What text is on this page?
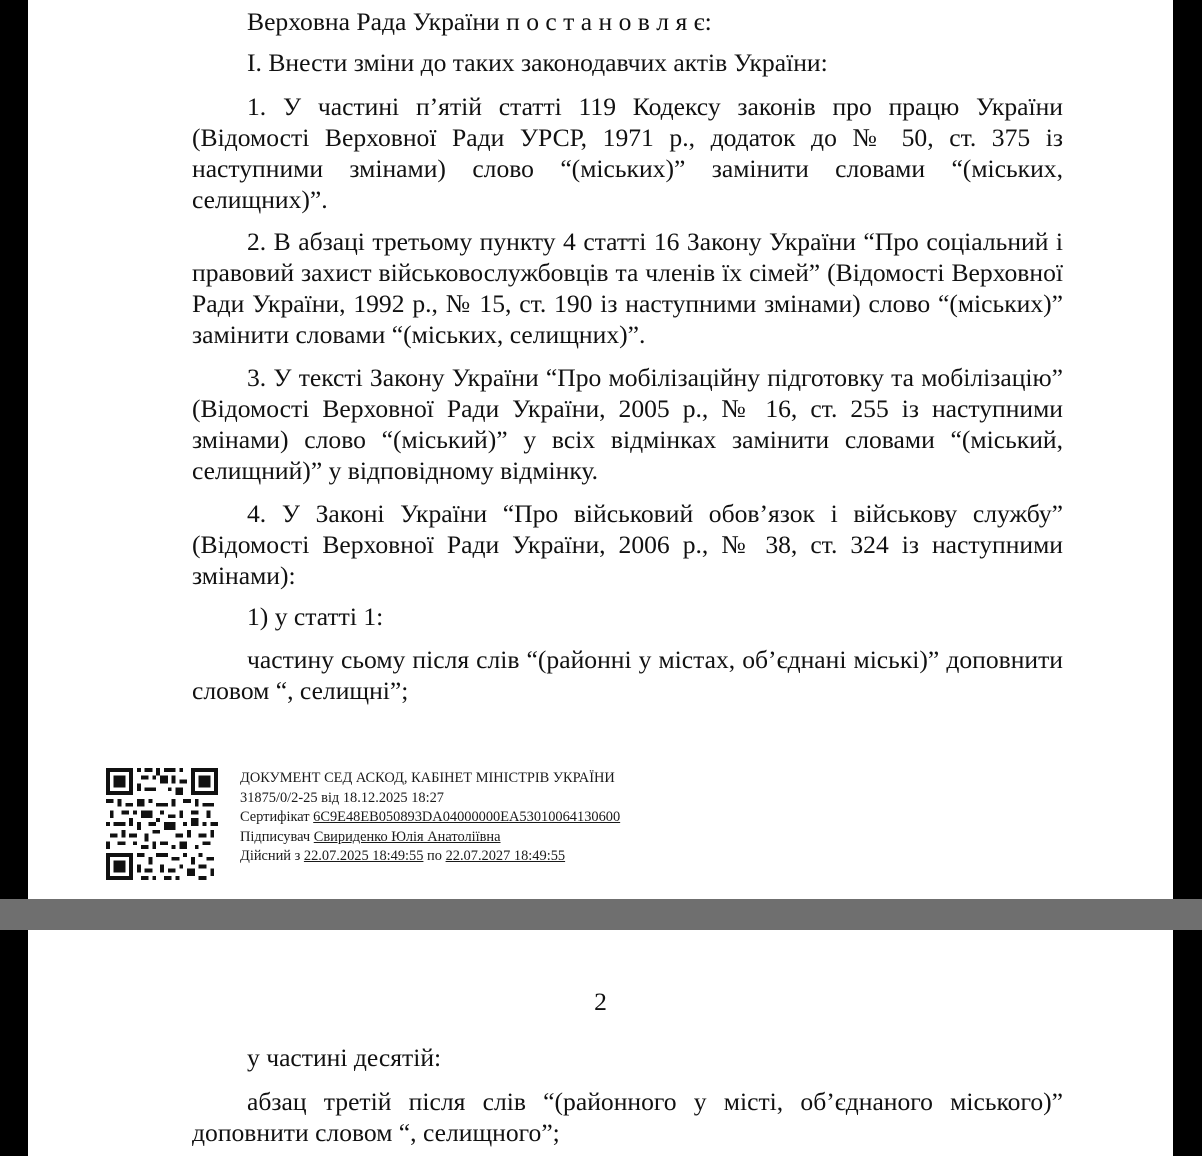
Верховна Рада України п о с т а н о в л я є:

І. Внести зміни до таких законодавчих актів України:

1. У частині п’ятій статті 119 Кодексу законів про працю України (Відомості Верховної Ради УРСР, 1971 р., додаток до № 50, ст. 375 із наступними змінами) слово “(міських)” замінити словами “(міських, селищних)”.

2. В абзаці третьому пункту 4 статті 16 Закону України “Про соціальний і правовий захист військовослужбовців та членів їх сімей” (Відомості Верховної Ради України, 1992 р., № 15, ст. 190 із наступними змінами) слово “(міських)” замінити словами “(міських, селищних)”.

3. У тексті Закону України “Про мобілізаційну підготовку та мобілізацію” (Відомості Верховної Ради України, 2005 р., № 16, ст. 255 із наступними змінами) слово “(міський)” у всіх відмінках замінити словами “(міський, селищний)” у відповідному відмінку.

4. У Законі України “Про військовий обов’язок і військову службу” (Відомості Верховної Ради України, 2006 р., № 38, ст. 324 із наступними змінами):

1) у статті 1:

частину сьому після слів “(районні у містах, об’єднані міські)” доповнити словом “, селищні”;

ДОКУМЕНТ СЕД АСКОД, КАБІНЕТ МІНІСТРІВ УКРАЇНИ
31875/0/2-25 від 18.12.2025 18:27
Сертифікат 6C9E48EB050893DA04000000EA53010064130600
Підписувач Свириденко Юлія Анатоліївна
Дійсний з 22.07.2025 18:49:55 по 22.07.2027 18:49:55

2

у частині десятій:

абзац третій після слів “(районного у місті, об’єднаного міського)” доповнити словом “, селищного”;
